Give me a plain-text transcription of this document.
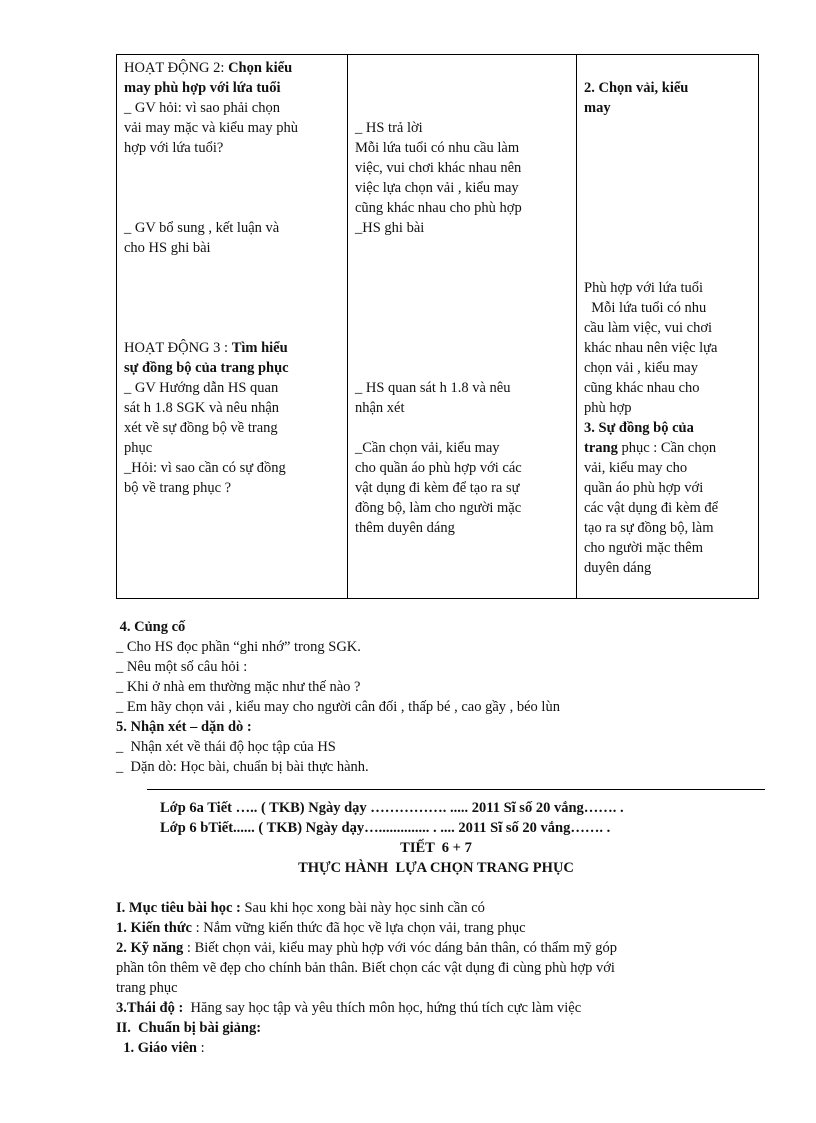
HOẠT ĐỘNG 2: Chọn kiểu

may phù hợp với lứa tuổi

_ GV hỏi: vì sao phải chọn

vải may mặc và kiểu may phù

hợp với lứa tuổi?

_ GV bổ sung , kết luận và

cho HS ghi bài

HOẠT ĐỘNG 3 : Tìm hiểu

sự đồng bộ của trang phục

_ GV Hướng dẫn HS quan

sát h 1.8 SGK và nêu nhận

xét về sự đồng bộ về trang

phục

_Hỏi: vì sao cần có sự đồng

bộ về trang phục ?

_ HS trả lời

Mỗi lứa tuổi có nhu cầu làm

việc, vui chơi khác nhau nên

việc lựa chọn vải , kiểu may

cũng khác nhau cho phù hợp

_HS ghi bài

_ HS quan sát h 1.8 và nêu

nhận xét

_Cần chọn vải, kiểu may

cho quần áo phù hợp với các

vật dụng đi kèm để tạo ra sự

đồng bộ, làm cho người mặc

thêm duyên dáng

2. Chọn vải, kiểu

may

Phù hợp với lứa tuổi

Mỗi lứa tuổi có nhu

cầu làm việc, vui chơi

khác nhau nên việc lựa

chọn vải , kiểu may

cũng khác nhau cho

phù hợp

3. Sự đồng bộ của

trang phục : Cần chọn

vải, kiểu may cho

quần áo phù hợp với

các vật dụng đi kèm để

tạo ra sự đồng bộ, làm

cho người mặc thêm

duyên dáng

4. Củng cố

_ Cho HS đọc phần “ghi nhớ” trong SGK.

_ Nêu một số câu hỏi :

_ Khi ở nhà em thường mặc như thế nào ?

_ Em hãy chọn vải , kiểu may cho người cân đối , thấp bé , cao gầy , béo lùn

5. Nhận xét – dặn dò :

_  Nhận xét về thái độ học tập của HS

_  Dặn dò: Học bài, chuẩn bị bài thực hành.

Lớp 6a Tiết ….. ( TKB) Ngày dạy ……………. ..... 2011 Sĩ số 20 vắng……. .

Lớp 6 bTiết...... ( TKB) Ngày dạy….............. . .... 2011 Sĩ số 20 vắng……. .

TIẾT  6 + 7

THỰC HÀNH  LỰA CHỌN TRANG PHỤC

I. Mục tiêu bài học : Sau khi học xong bài này học sinh cần có

1. Kiến thức : Nắm vững kiến thức đã học về lựa chọn vải, trang phục

2. Kỹ năng : Biết chọn vải, kiểu may phù hợp với vóc dáng bản thân, có thẩm mỹ góp

phần tôn thêm vẽ đẹp cho chính bản thân. Biết chọn các vật dụng đi cùng phù hợp với

trang phục

3.Thái độ :  Hăng say học tập và yêu thích môn học, hứng thú tích cực làm việc

II.  Chuẩn bị bài giảng:

1. Giáo viên :
